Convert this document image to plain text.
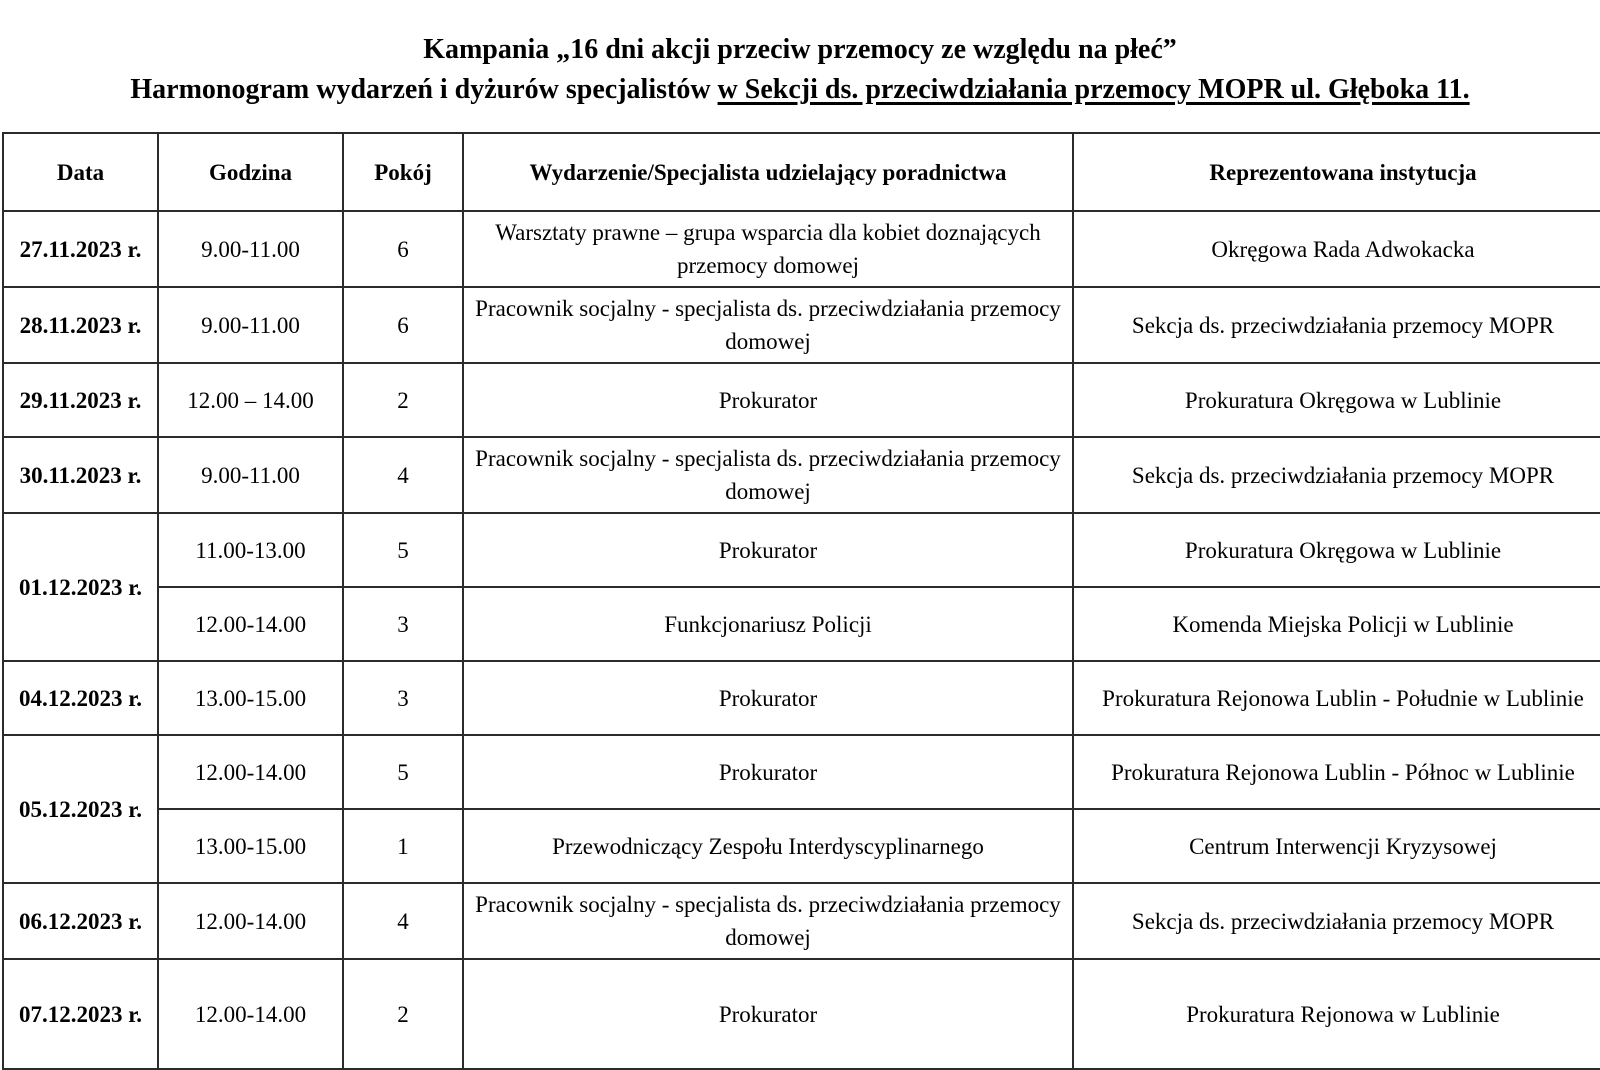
Kampania „16 dni akcji przeciw przemocy ze względu na płeć”
Harmonogram wydarzeń i dyżurów specjalistów w Sekcji ds. przeciwdziałania przemocy MOPR ul. Głęboka 11.
Data	Godzina	Pokój	Wydarzenie/Specjalista udzielający poradnictwa	Reprezentowana instytucja
27.11.2023 r.	9.00-11.00	6	Warsztaty prawne – grupa wsparcia dla kobiet doznających przemocy domowej	Okręgowa Rada Adwokacka
28.11.2023 r.	9.00-11.00	6	Pracownik socjalny - specjalista ds. przeciwdziałania przemocy domowej	Sekcja ds. przeciwdziałania przemocy MOPR
29.11.2023 r.	12.00 – 14.00	2	Prokurator	Prokuratura Okręgowa w Lublinie
30.11.2023 r.	9.00-11.00	4	Pracownik socjalny - specjalista ds. przeciwdziałania przemocy domowej	Sekcja ds. przeciwdziałania przemocy MOPR
01.12.2023 r.	11.00-13.00	5	Prokurator	Prokuratura Okręgowa w Lublinie
	12.00-14.00	3	Funkcjonariusz Policji	Komenda Miejska Policji w Lublinie
04.12.2023 r.	13.00-15.00	3	Prokurator	Prokuratura Rejonowa Lublin - Południe w Lublinie
05.12.2023 r.	12.00-14.00	5	Prokurator	Prokuratura Rejonowa Lublin - Północ w Lublinie
	13.00-15.00	1	Przewodniczący Zespołu Interdyscyplinarnego	Centrum Interwencji Kryzysowej
06.12.2023 r.	12.00-14.00	4	Pracownik socjalny - specjalista ds. przeciwdziałania przemocy domowej	Sekcja ds. przeciwdziałania przemocy MOPR
07.12.2023 r.	12.00-14.00	2	Prokurator	Prokuratura Rejonowa w Lublinie
